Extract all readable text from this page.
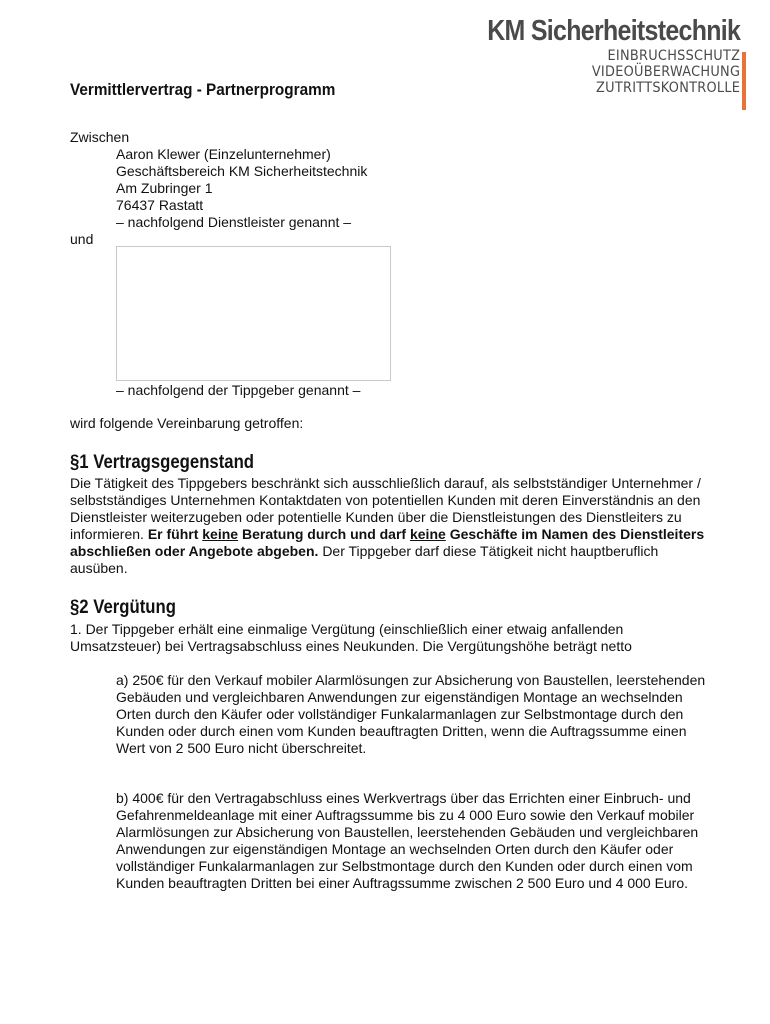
KM Sicherheitstechnik
EINBRUCHSSCHUTZ
VIDEOÜBERWACHUNG
ZUTRITTSKONTROLLE
Vermittlervertrag - Partnerprogramm
Zwischen
Aaron Klewer (Einzelunternehmer)
Geschäftsbereich KM Sicherheitstechnik
Am Zubringer 1
76437 Rastatt
– nachfolgend Dienstleister genannt –
und
– nachfolgend der Tippgeber genannt –
wird folgende Vereinbarung getroffen:
§1 Vertragsgegenstand
Die Tätigkeit des Tippgebers beschränkt sich ausschließlich darauf, als selbstständiger Unternehmer / selbstständiges Unternehmen Kontaktdaten von potentiellen Kunden mit deren Einverständnis an den Dienstleister weiterzugeben oder potentielle Kunden über die Dienstleistungen des Dienstleiters zu informieren. Er führt keine Beratung durch und darf keine Geschäfte im Namen des Dienstleiters abschließen oder Angebote abgeben. Der Tippgeber darf diese Tätigkeit nicht hauptberuflich ausüben.
§2 Vergütung
1. Der Tippgeber erhält eine einmalige Vergütung (einschließlich einer etwaig anfallenden Umsatzsteuer) bei Vertragsabschluss eines Neukunden. Die Vergütungshöhe beträgt netto
a) 250€ für den Verkauf mobiler Alarmlösungen zur Absicherung von Baustellen, leerstehenden Gebäuden und vergleichbaren Anwendungen zur eigenständigen Montage an wechselnden Orten durch den Käufer oder vollständiger Funkalarmanlagen zur Selbstmontage durch den Kunden oder durch einen vom Kunden beauftragten Dritten, wenn die Auftragssumme einen Wert von 2 500 Euro nicht überschreitet.
b) 400€ für den Vertragabschluss eines Werkvertrags über das Errichten einer Einbruch- und Gefahrenmeldeanlage mit einer Auftragssumme bis zu 4 000 Euro sowie den Verkauf mobiler Alarmlösungen zur Absicherung von Baustellen, leerstehenden Gebäuden und vergleichbaren Anwendungen zur eigenständigen Montage an wechselnden Orten durch den Käufer oder vollständiger Funkalarmanlagen zur Selbstmontage durch den Kunden oder durch einen vom Kunden beauftragten Dritten bei einer Auftragssumme zwischen 2 500 Euro und 4 000 Euro.
